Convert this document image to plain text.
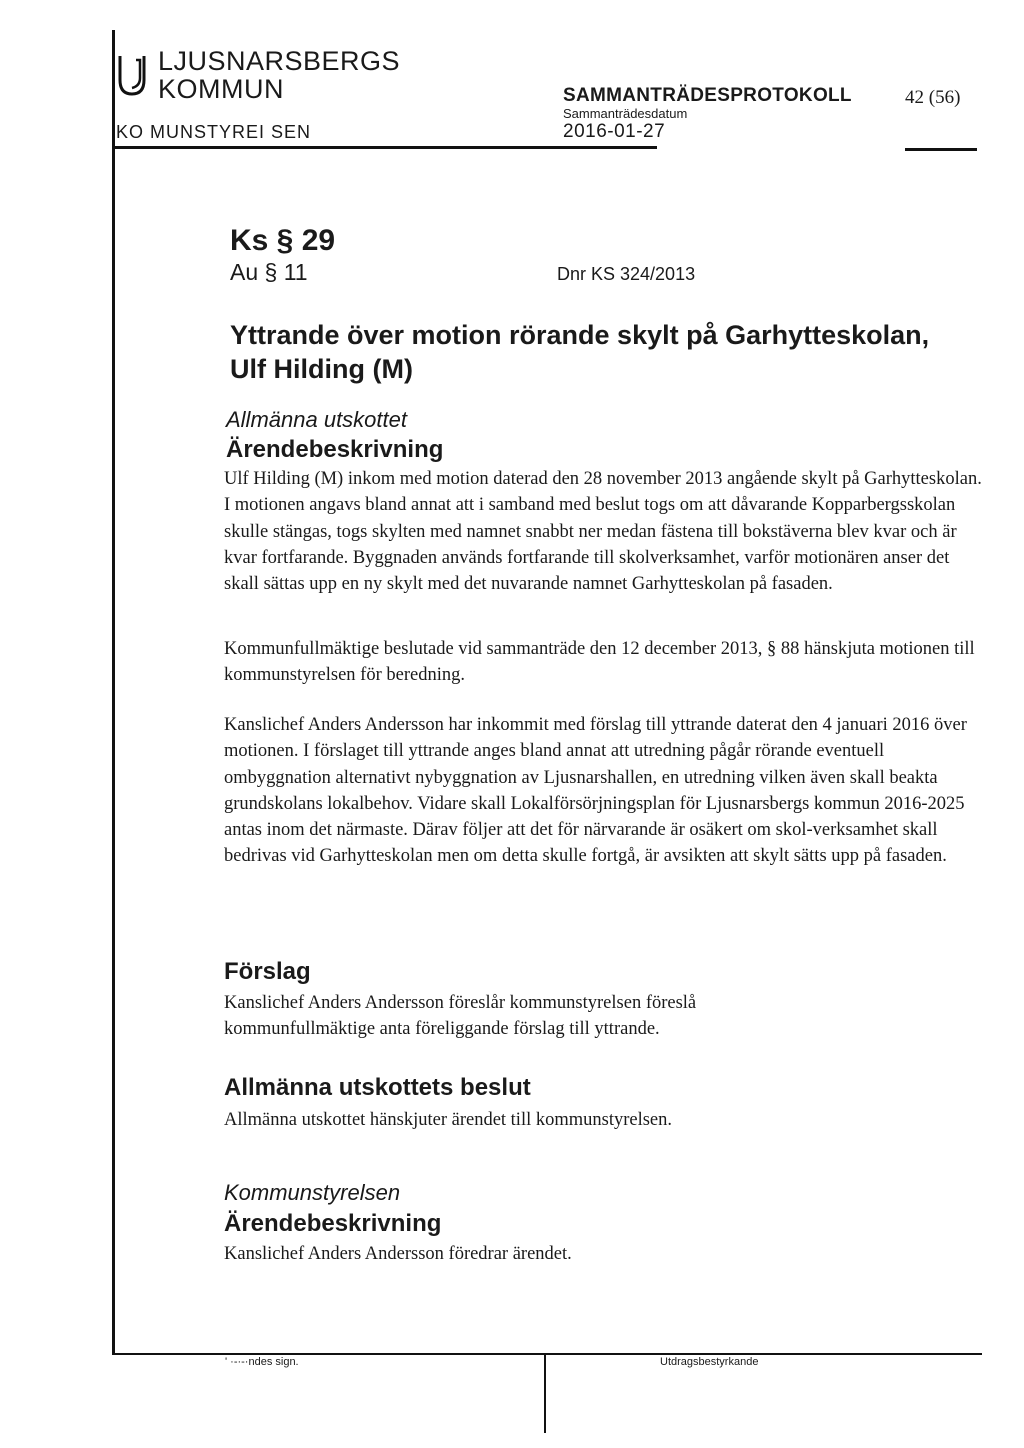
LJUSNARSBERGS
KOMMUN
KO MUNSTYREI SEN
SAMMANTRÄDESPROTOKOLL
Sammanträdesdatum
2016-01-27
42 (56)
Ks § 29
Au § 11	Dnr KS 324/2013
Yttrande över motion rörande skylt på Garhytteskolan,
Ulf Hilding (M)
Allmänna utskottet
Ärendebeskrivning

Ulf Hilding (M) inkom med motion daterad den 28 november 2013 angående skylt på Garhytteskolan. I motionen angavs bland annat att i samband med beslut togs om att dåvarande Kopparbergsskolan skulle stängas, togs skylten med namnet snabbt ner medan fästena till bokstäverna blev kvar och är kvar fortfarande. Byggnaden används fortfarande till skolverksamhet, varför motionären anser det skall sättas upp en ny skylt med det nuvarande namnet Garhytteskolan på fasaden.

Kommunfullmäktige beslutade vid sammanträde den 12 december 2013, § 88 hänskjuta motionen till kommunstyrelsen för beredning.

Kanslichef Anders Andersson har inkommit med förslag till yttrande daterat den 4 januari 2016 över motionen. I förslaget till yttrande anges bland annat att utredning pågår rörande eventuell ombyggnation alternativt nybyggnation av Ljusnarshallen, en utredning vilken även skall beakta grundskolans lokalbehov. Vidare skall Lokalförsörjningsplan för Ljusnarsbergs kommun 2016-2025 antas inom det närmaste. Därav följer att det för närvarande är osäkert om skol-verksamhet skall bedrivas vid Garhytteskolan men om detta skulle fortgå, är avsikten att skylt sätts upp på fasaden.

Förslag

Kanslichef Anders Andersson föreslår kommunstyrelsen föreslå kommunfullmäktige anta föreliggande förslag till yttrande.

Allmänna utskottets beslut

Allmänna utskottet hänskjuter ärendet till kommunstyrelsen.

Kommunstyrelsen
Ärendebeskrivning

Kanslichef Anders Andersson föredrar ärendet.

' ·-·-·ndes sign.	Utdragsbestyrkande
